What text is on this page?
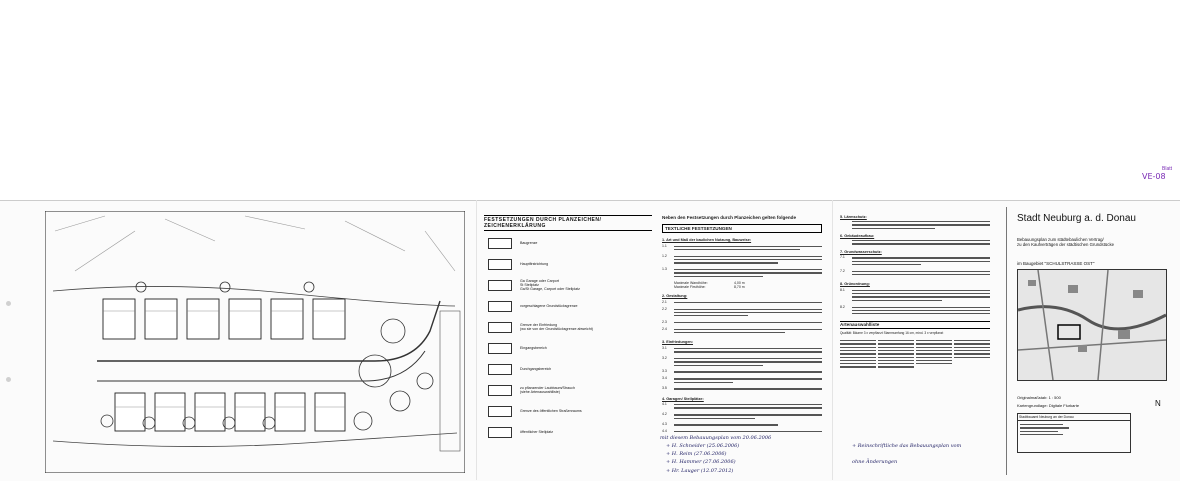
FESTSETZUNGEN DURCH PLANZEICHEN/ ZEICHENERKLÄRUNG
Baugrenze
Hauptfirstrichtung
Ga Garage oder Carport
St Stellplatz
Ga/St Garage, Carport oder Stellplatz
vorgeschlagene Grundstücksgrenze
Grenze der Einfriedung
(wo sie von der Grundstücksgrenze abweicht)
Eingangsbereich
Durchgangsbereich
zu pflanzender Laubbaum/Strauch
(siehe Artenauswahlliste)
Grenze des öffentlichen Straßenraums
öffentlicher Stellplatz
Neben den Festsetzungen durch Planzeichen gelten folgende
TEXTLICHE FESTSETZUNGEN
1. Art und Maß der baulichen Nutzung, Bauweise:
1.1
1.2
1.3
Maximale Wandhöhe:	4,00 m
Maximale Firsthöhe:	8,70 m
2. Gestaltung:
2.1
2.2
2.3
2.4
3. Einfriedungen:
3.1
3.2
3.3
3.4
3.5
4. Garagen/ Stellplätze:
4.1
4.2
4.3
4.4
5. Lärmschutz:
6. Gebäudeaufbau:
7. Grundwasserschutz:
7.1
7.2
8. Grünordnung:
8.1
8.2
Artenauswahlliste
Qualität: Bäume 3 x verpflanzt Stammumfang 16 cm, mind. 3 x verpflanzt
Stadt Neuburg a. d. Donau
Bebauungsplan zum städtebaulichen Vertrag/
zu den Kaufverträgen der städtischen Grundstücke
im Baugebiet "SCHULSTRASSE OST"
Originalmaßstab: 1 : 500
Kartengrundlage: Digitale Flurkarte	N
Stadtbauamt Neuburg an der Donau
mit diesem Bebauungsplan vom 20.06.2006
+ H. Schneider (25.06.2006)
+ H. Reim (27.06.2006)
+ H. Hammer (27.06.2006)
+ Hr. Lauger (12.07.2012)
+ Reinschriftliche das Bebauungsplan vom
ohne Änderungen
VE-08
Blatt
